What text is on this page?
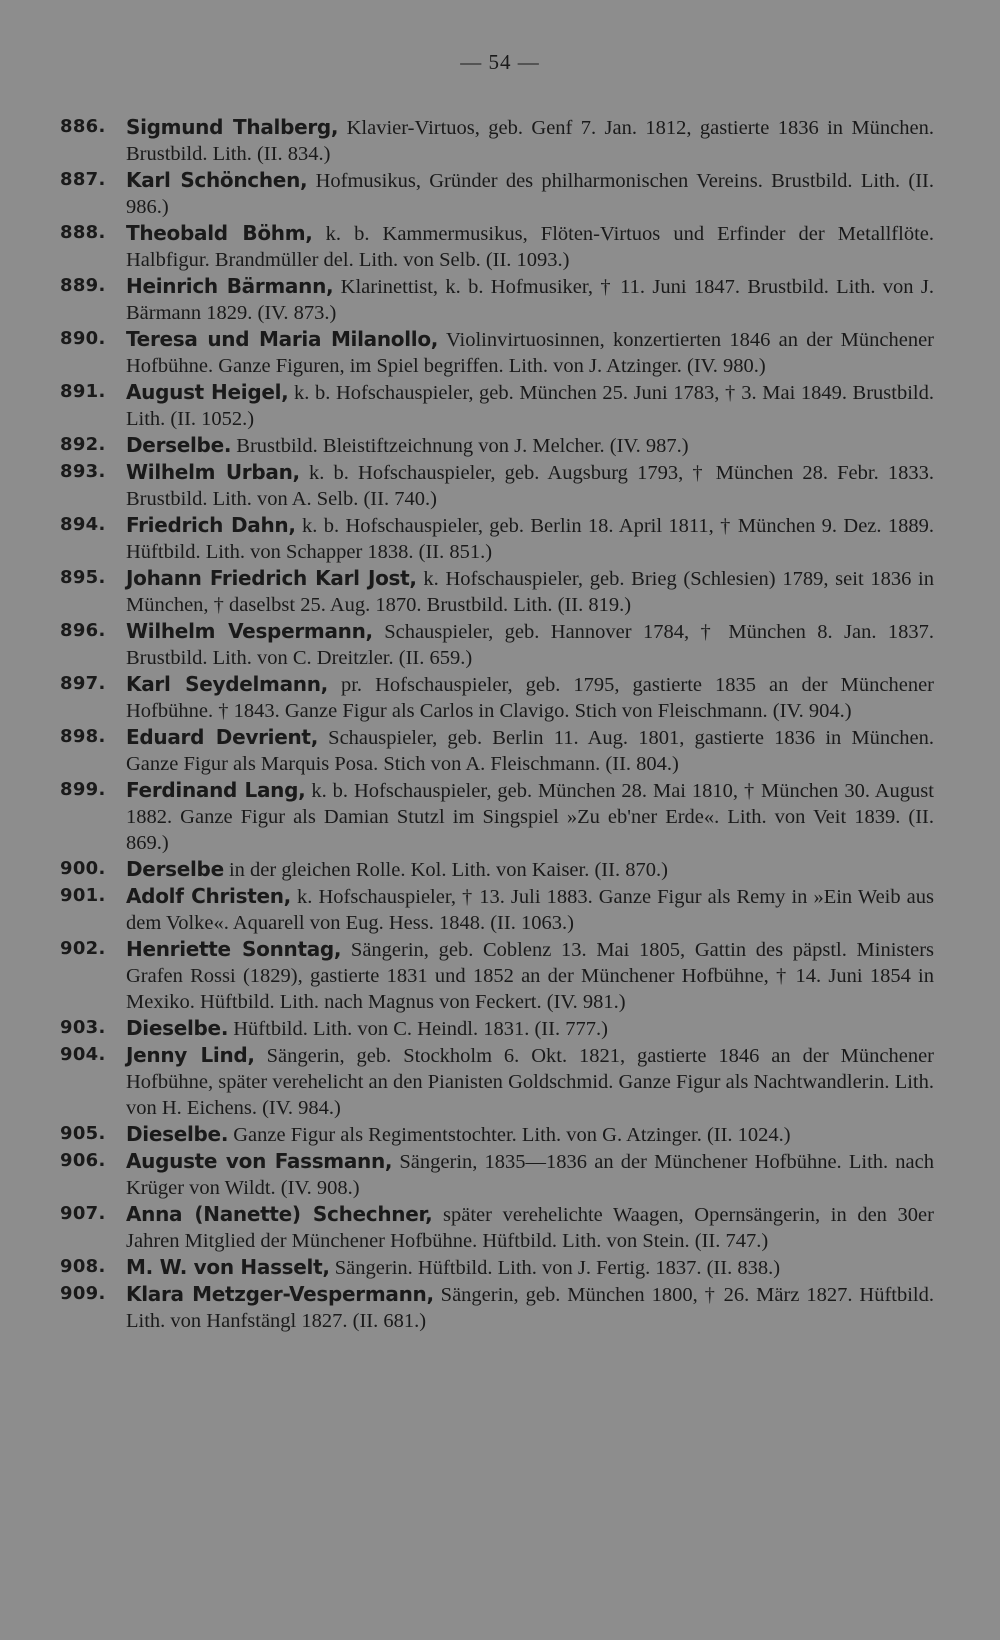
— 54 —
886. Sigmund Thalberg, Klavier-Virtuos, geb. Genf 7. Jan. 1812, gastierte 1836 in München. Brustbild. Lith. (II. 834.)
887. Karl Schönchen, Hofmusikus, Gründer des philharmonischen Vereins. Brustbild. Lith. (II. 986.)
888. Theobald Böhm, k. b. Kammermusikus, Flöten-Virtuos und Erfinder der Metallflöte. Halbfigur. Brandmüller del. Lith. von Selb. (II. 1093.)
889. Heinrich Bärmann, Klarinettist, k. b. Hofmusiker, † 11. Juni 1847. Brustbild. Lith. von J. Bärmann 1829. (IV. 873.)
890. Teresa und Maria Milanollo, Violinvirtuosinnen, konzertierten 1846 an der Münchener Hofbühne. Ganze Figuren, im Spiel begriffen. Lith. von J. Atzinger. (IV. 980.)
891. August Heigel, k. b. Hofschauspieler, geb. München 25. Juni 1783, † 3. Mai 1849. Brustbild. Lith. (II. 1052.)
892. Derselbe. Brustbild. Bleistiftzeichnung von J. Melcher. (IV. 987.)
893. Wilhelm Urban, k. b. Hofschauspieler, geb. Augsburg 1793, † München 28. Febr. 1833. Brustbild. Lith. von A. Selb. (II. 740.)
894. Friedrich Dahn, k. b. Hofschauspieler, geb. Berlin 18. April 1811, † München 9. Dez. 1889. Hüftbild. Lith. von Schapper 1838. (II. 851.)
895. Johann Friedrich Karl Jost, k. Hofschauspieler, geb. Brieg (Schlesien) 1789, seit 1836 in München, † daselbst 25. Aug. 1870. Brustbild. Lith. (II. 819.)
896. Wilhelm Vespermann, Schauspieler, geb. Hannover 1784, † München 8. Jan. 1837. Brustbild. Lith. von C. Dreitzler. (II. 659.)
897. Karl Seydelmann, pr. Hofschauspieler, geb. 1795, gastierte 1835 an der Münchener Hofbühne. † 1843. Ganze Figur als Carlos in Clavigo. Stich von Fleischmann. (IV. 904.)
898. Eduard Devrient, Schauspieler, geb. Berlin 11. Aug. 1801, gastierte 1836 in München. Ganze Figur als Marquis Posa. Stich von A. Fleischmann. (II. 804.)
899. Ferdinand Lang, k. b. Hofschauspieler, geb. München 28. Mai 1810, † München 30. August 1882. Ganze Figur als Damian Stutzl im Singspiel »Zu eb'ner Erde«. Lith. von Veit 1839. (II. 869.)
900. Derselbe in der gleichen Rolle. Kol. Lith. von Kaiser. (II. 870.)
901. Adolf Christen, k. Hofschauspieler, † 13. Juli 1883. Ganze Figur als Remy in »Ein Weib aus dem Volke«. Aquarell von Eug. Hess. 1848. (II. 1063.)
902. Henriette Sonntag, Sängerin, geb. Coblenz 13. Mai 1805, Gattin des päpstl. Ministers Grafen Rossi (1829), gastierte 1831 und 1852 an der Münchener Hofbühne, † 14. Juni 1854 in Mexiko. Hüftbild. Lith. nach Magnus von Feckert. (IV. 981.)
903. Dieselbe. Hüftbild. Lith. von C. Heindl. 1831. (II. 777.)
904. Jenny Lind, Sängerin, geb. Stockholm 6. Okt. 1821, gastierte 1846 an der Münchener Hofbühne, später verehelicht an den Pianisten Goldschmid. Ganze Figur als Nachtwandlerin. Lith. von H. Eichens. (IV. 984.)
905. Dieselbe. Ganze Figur als Regimentstochter. Lith. von G. Atzinger. (II. 1024.)
906. Auguste von Fassmann, Sängerin, 1835—1836 an der Münchener Hofbühne. Lith. nach Krüger von Wildt. (IV. 908.)
907. Anna (Nanette) Schechner, später verehelichte Waagen, Opernsängerin, in den 30er Jahren Mitglied der Münchener Hofbühne. Hüftbild. Lith. von Stein. (II. 747.)
908. M. W. von Hasselt, Sängerin. Hüftbild. Lith. von J. Fertig. 1837. (II. 838.)
909. Klara Metzger-Vespermann, Sängerin, geb. München 1800, † 26. März 1827. Hüftbild. Lith. von Hanfstängl 1827. (II. 681.)
